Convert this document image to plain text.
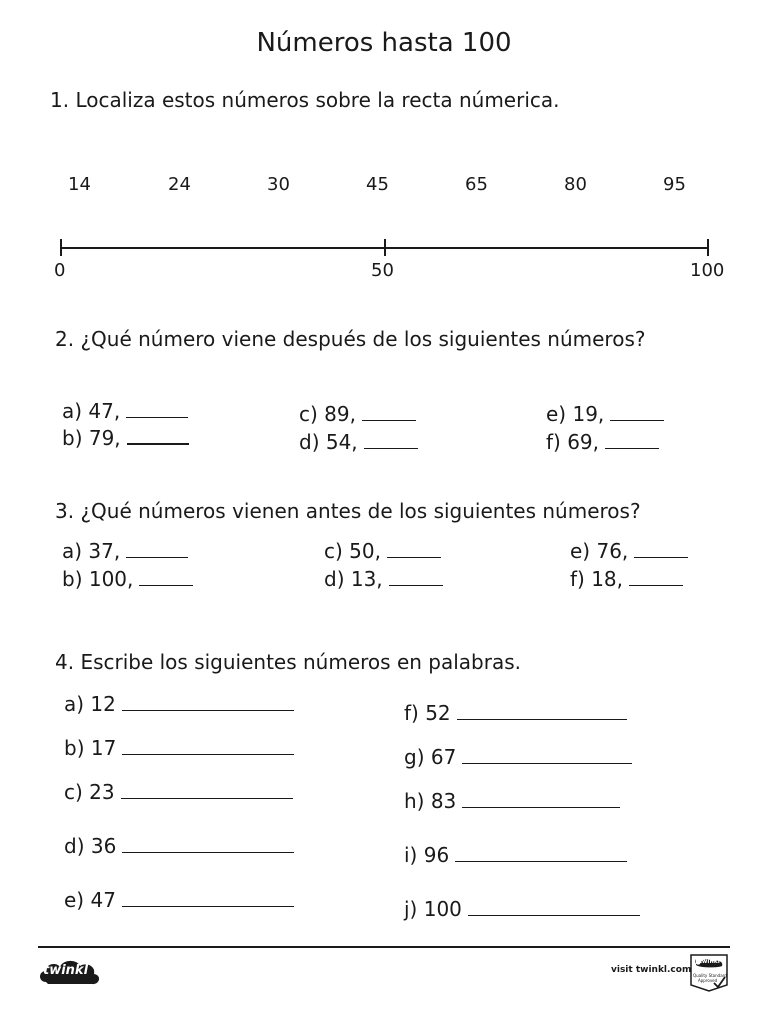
Números hasta 100
1. Localiza estos números sobre la recta númerica.
14	24	30	45	65	80	95
0	50	100
2. ¿Qué número viene después de los siguientes números?
a) 47,
b) 79,
c) 89,
d) 54,
e) 19,
f) 69,
3. ¿Qué números vienen antes de los siguientes números?
a) 37,
b) 100,
c) 50,
d) 13,
e) 76,
f) 18,
4. Escribe los siguientes números en palabras.
a) 12
b) 17
c) 23
d) 36
e) 47
f) 52
g) 67
h) 83
i) 96
j) 100
twinkl	visit twinkl.com
twinkl
Quality Standard
Approved
